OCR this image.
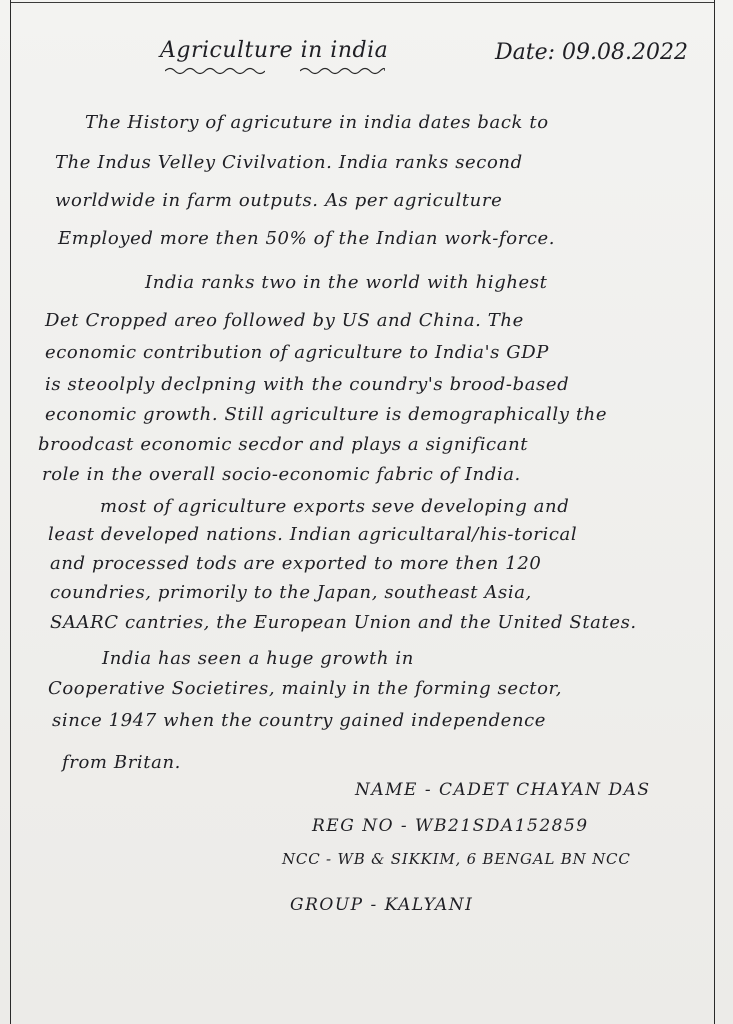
Agriculture in india	Date: 09.08.2022
The History of agricuture in india dates back to
The Indus Velley Civilvation. India ranks second
worldwide in farm outputs. As per agriculture
Employed more then 50% of the Indian work-force.
India ranks two in the world with highest
Det Cropped areo followed by US and China. The
economic contribution of agriculture to India's GDP
is steoolply declpning with the coundry's brood-based
economic growth. Still agriculture is demographically the
broodcast economic secdor and plays a significant
role in the overall socio-economic fabric of India.
most of agriculture exports seve developing and
least developed nations. Indian agricultaral/his-torical
and processed tods are exported to more then 120
coundries, primorily to the Japan, southeast Asia,
SAARC cantries, the European Union and the United States.
India has seen a huge growth in
Cooperative Societires, mainly in the forming sector,
since 1947 when the country gained independence
from Britan.
NAME - CADET CHAYAN DAS
REG NO - WB21SDA152859
NCC - WB & SIKKIM, 6 BENGAL BN NCC
GROUP - KALYANI
